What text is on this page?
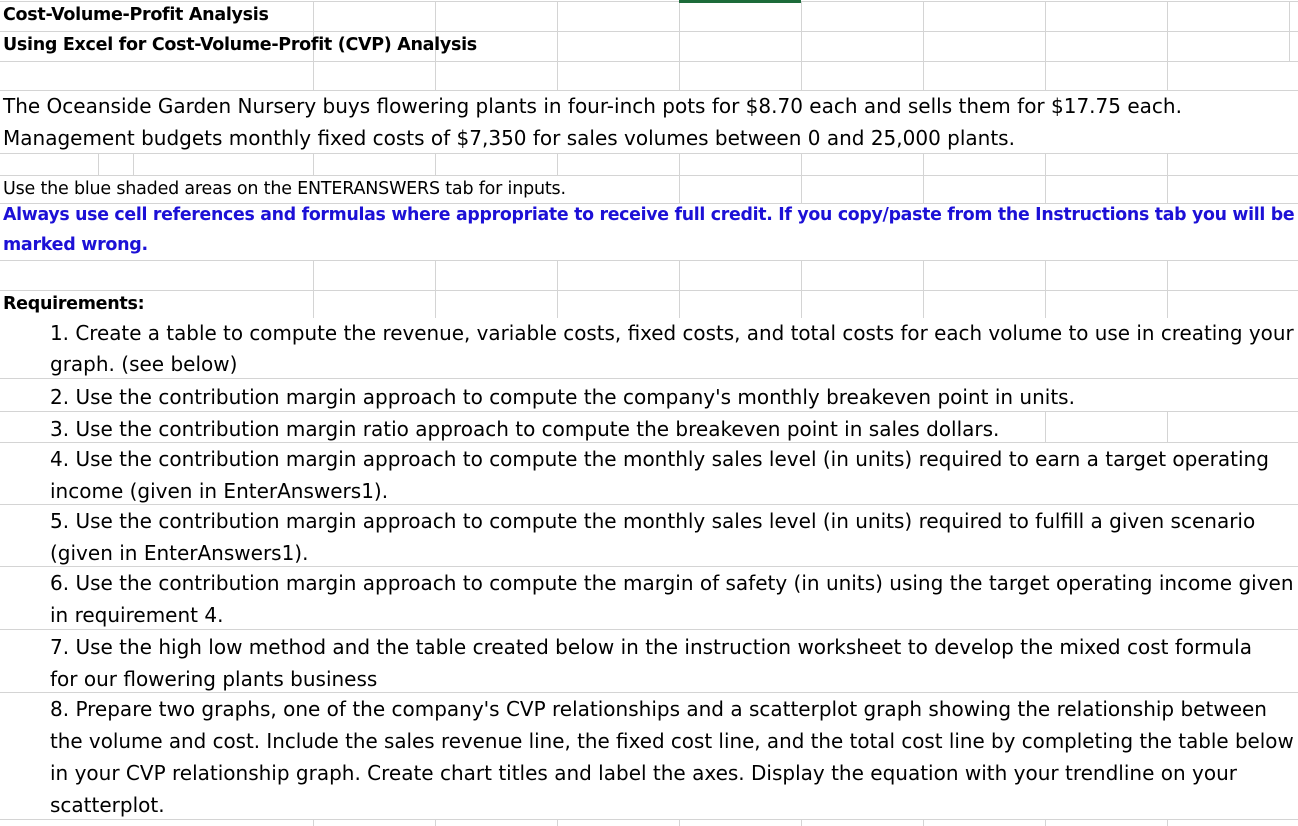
Cost-Volume-Profit Analysis
Using Excel for Cost-Volume-Profit (CVP) Analysis
The Oceanside Garden Nursery buys flowering plants in four-inch pots for $8.70 each and sells them for $17.75 each.
Management budgets monthly fixed costs of $7,350 for sales volumes between 0 and 25,000 plants.
Use the blue shaded areas on the ENTERANSWERS tab for inputs.
Always use cell references and formulas where appropriate to receive full credit. If you copy/paste from the Instructions tab you will be
marked wrong.
Requirements:
1. Create a table to compute the revenue, variable costs, fixed costs, and total costs for each volume to use in creating your
graph. (see below)
2. Use the contribution margin approach to compute the company's monthly breakeven point in units.
3. Use the contribution margin ratio approach to compute the breakeven point in sales dollars.
4. Use the contribution margin approach to compute the monthly sales level (in units) required to earn a target operating
income (given in EnterAnswers1).
5. Use the contribution margin approach to compute the monthly sales level (in units) required to fulfill a given scenario
(given in EnterAnswers1).
6. Use the contribution margin approach to compute the margin of safety (in units) using the target operating income given
in requirement 4.
7. Use the high low method and the table created below in the instruction worksheet to develop the mixed cost formula
for our flowering plants business
8. Prepare two graphs, one of the company's CVP relationships and a scatterplot graph showing the relationship between
the volume and cost. Include the sales revenue line, the fixed cost line, and the total cost line by completing the table below
in your CVP relationship graph. Create chart titles and label the axes. Display the equation with your trendline on your
scatterplot.
